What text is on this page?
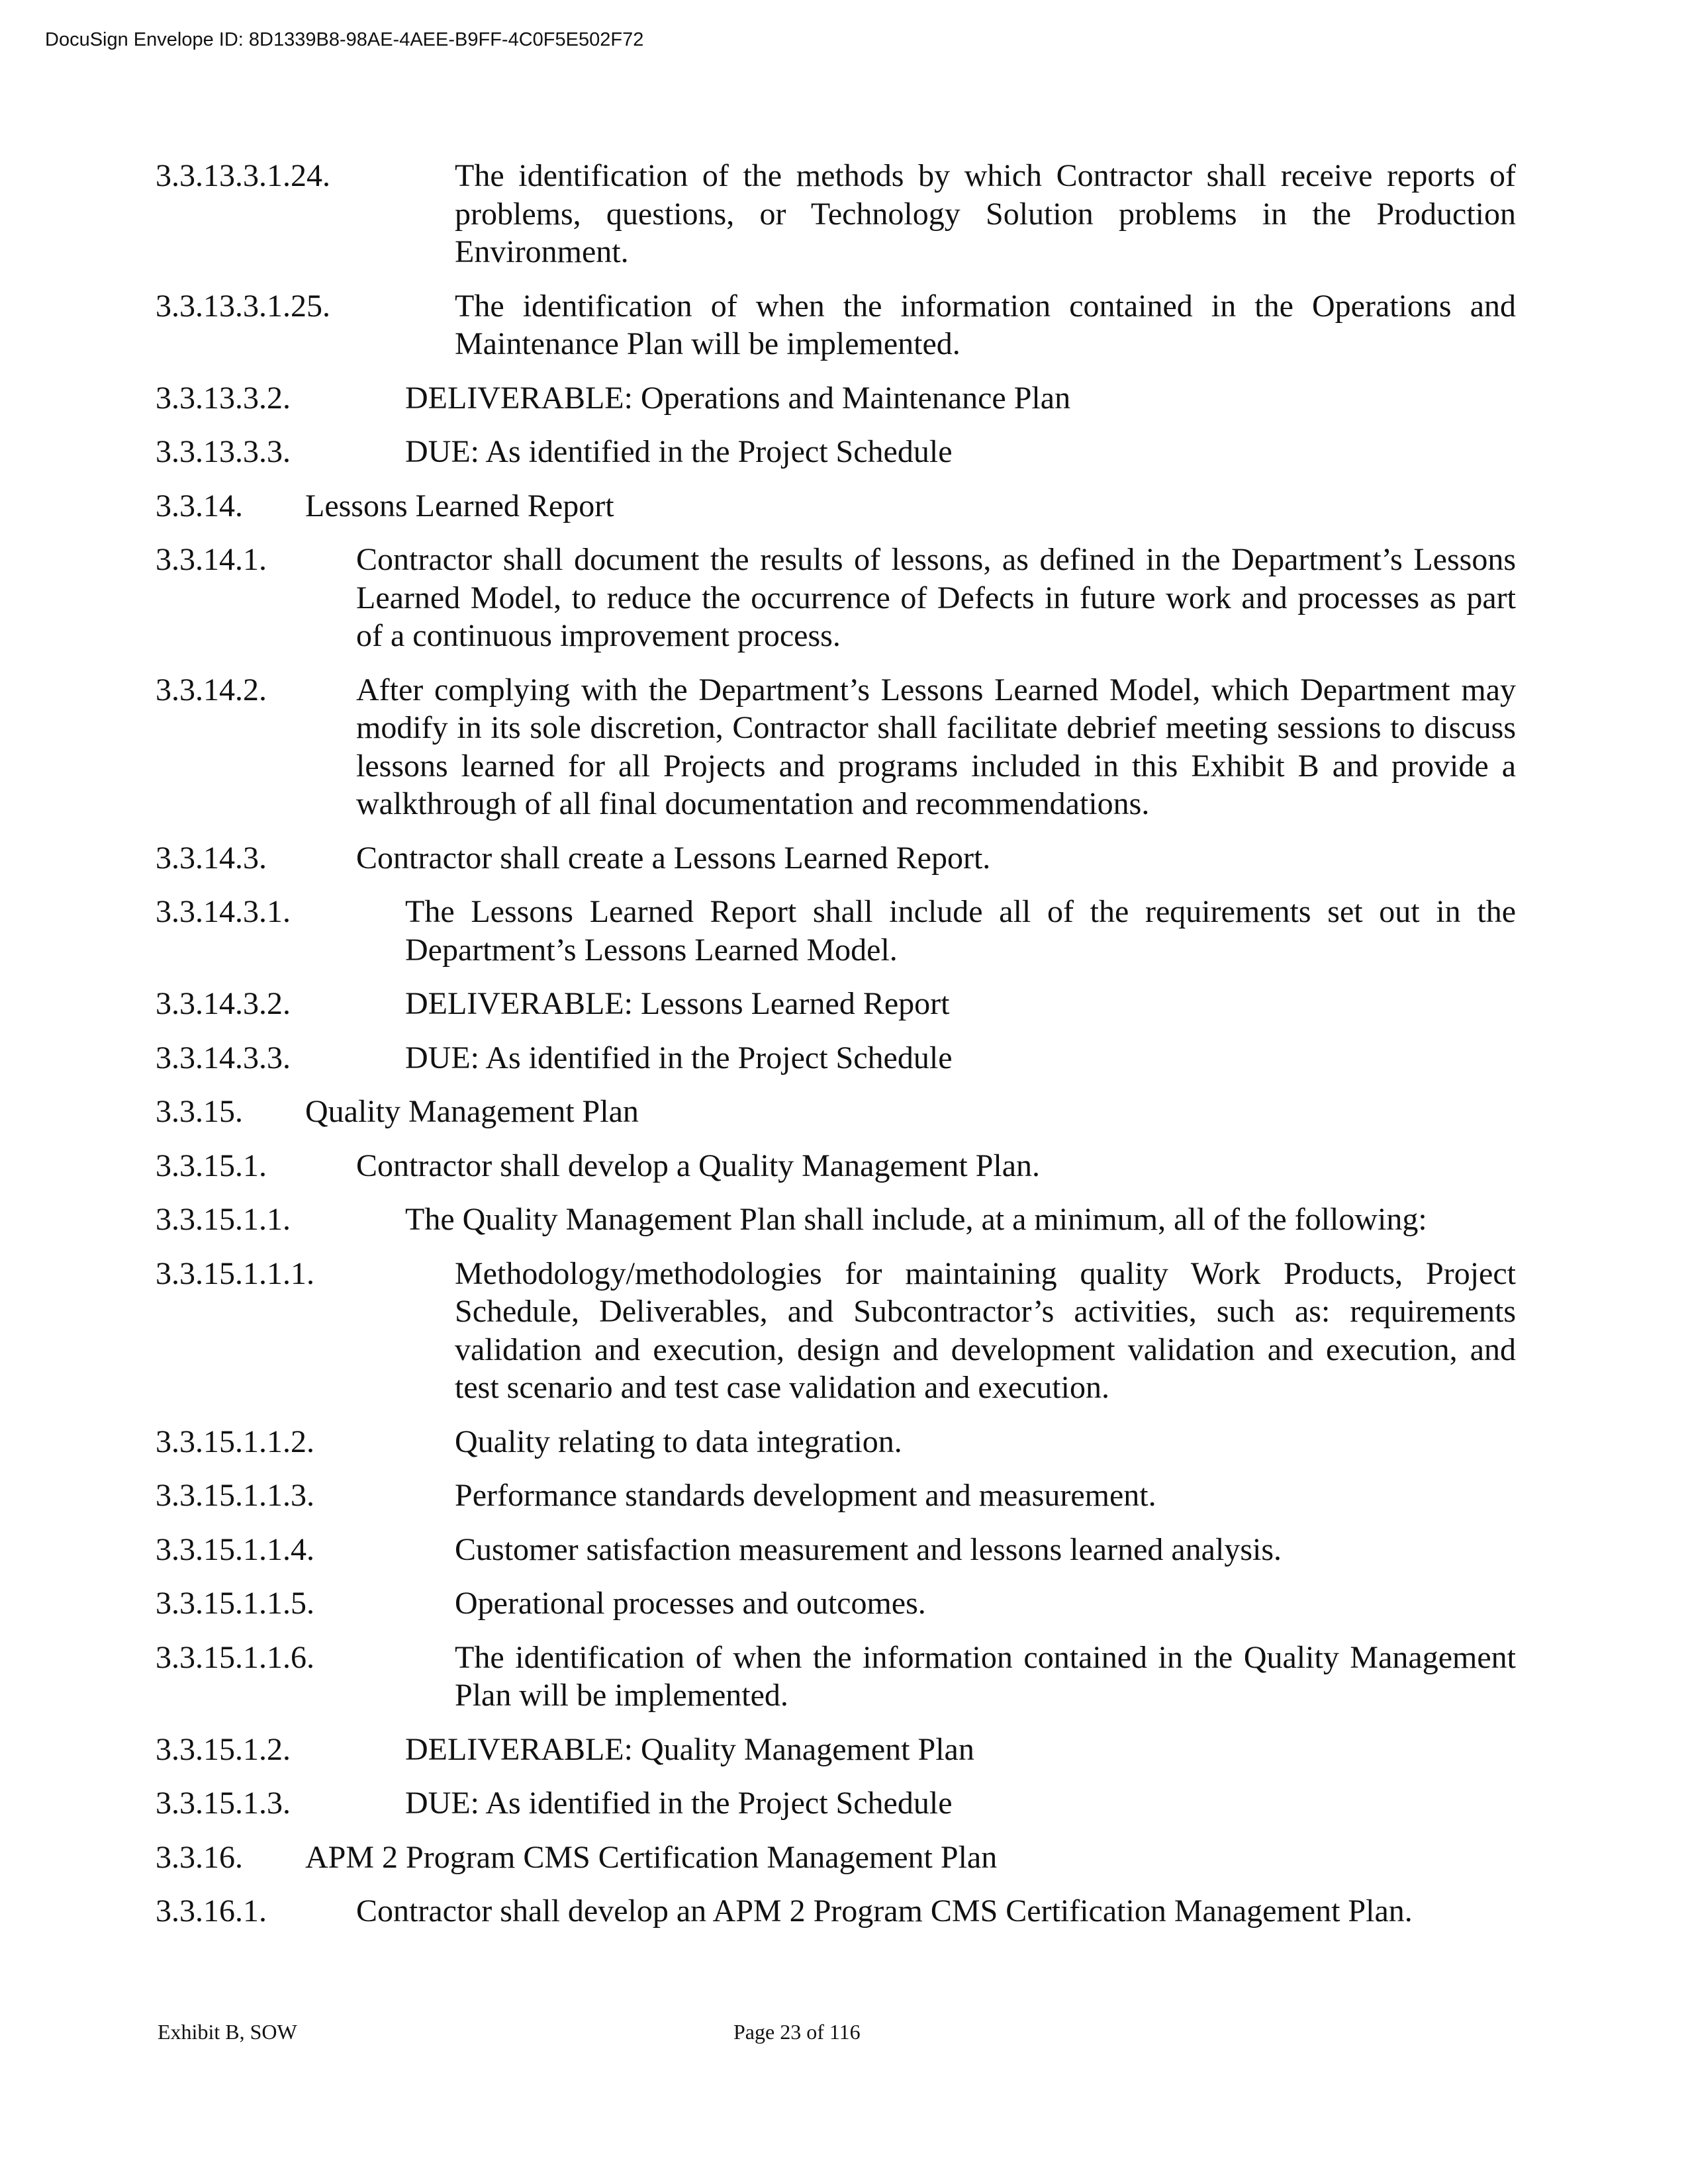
DocuSign Envelope ID: 8D1339B8-98AE-4AEE-B9FF-4C0F5E502F72
3.3.13.3.1.24.	The identification of the methods by which Contractor shall receive reports of problems, questions, or Technology Solution problems in the Production Environment.
3.3.13.3.1.25.	The identification of when the information contained in the Operations and Maintenance Plan will be implemented.
3.3.13.3.2.	DELIVERABLE: Operations and Maintenance Plan
3.3.13.3.3.	DUE: As identified in the Project Schedule
3.3.14. Lessons Learned Report
3.3.14.1.	Contractor shall document the results of lessons, as defined in the Department’s Lessons Learned Model, to reduce the occurrence of Defects in future work and processes as part of a continuous improvement process.
3.3.14.2.	After complying with the Department’s Lessons Learned Model, which Department may modify in its sole discretion, Contractor shall facilitate debrief meeting sessions to discuss lessons learned for all Projects and programs included in this Exhibit B and provide a walkthrough of all final documentation and recommendations.
3.3.14.3.	Contractor shall create a Lessons Learned Report.
3.3.14.3.1.	The Lessons Learned Report shall include all of the requirements set out in the Department’s Lessons Learned Model.
3.3.14.3.2.	DELIVERABLE: Lessons Learned Report
3.3.14.3.3.	DUE: As identified in the Project Schedule
3.3.15. Quality Management Plan
3.3.15.1.	Contractor shall develop a Quality Management Plan.
3.3.15.1.1.	The Quality Management Plan shall include, at a minimum, all of the following:
3.3.15.1.1.1.	Methodology/methodologies for maintaining quality Work Products, Project Schedule, Deliverables, and Subcontractor’s activities, such as: requirements validation and execution, design and development validation and execution, and test scenario and test case validation and execution.
3.3.15.1.1.2.	Quality relating to data integration.
3.3.15.1.1.3.	Performance standards development and measurement.
3.3.15.1.1.4.	Customer satisfaction measurement and lessons learned analysis.
3.3.15.1.1.5.	Operational processes and outcomes.
3.3.15.1.1.6.	The identification of when the information contained in the Quality Management Plan will be implemented.
3.3.15.1.2.	DELIVERABLE: Quality Management Plan
3.3.15.1.3.	DUE: As identified in the Project Schedule
3.3.16. APM 2 Program CMS Certification Management Plan
3.3.16.1.	Contractor shall develop an APM 2 Program CMS Certification Management Plan.
Exhibit B, SOW	Page 23 of 116
